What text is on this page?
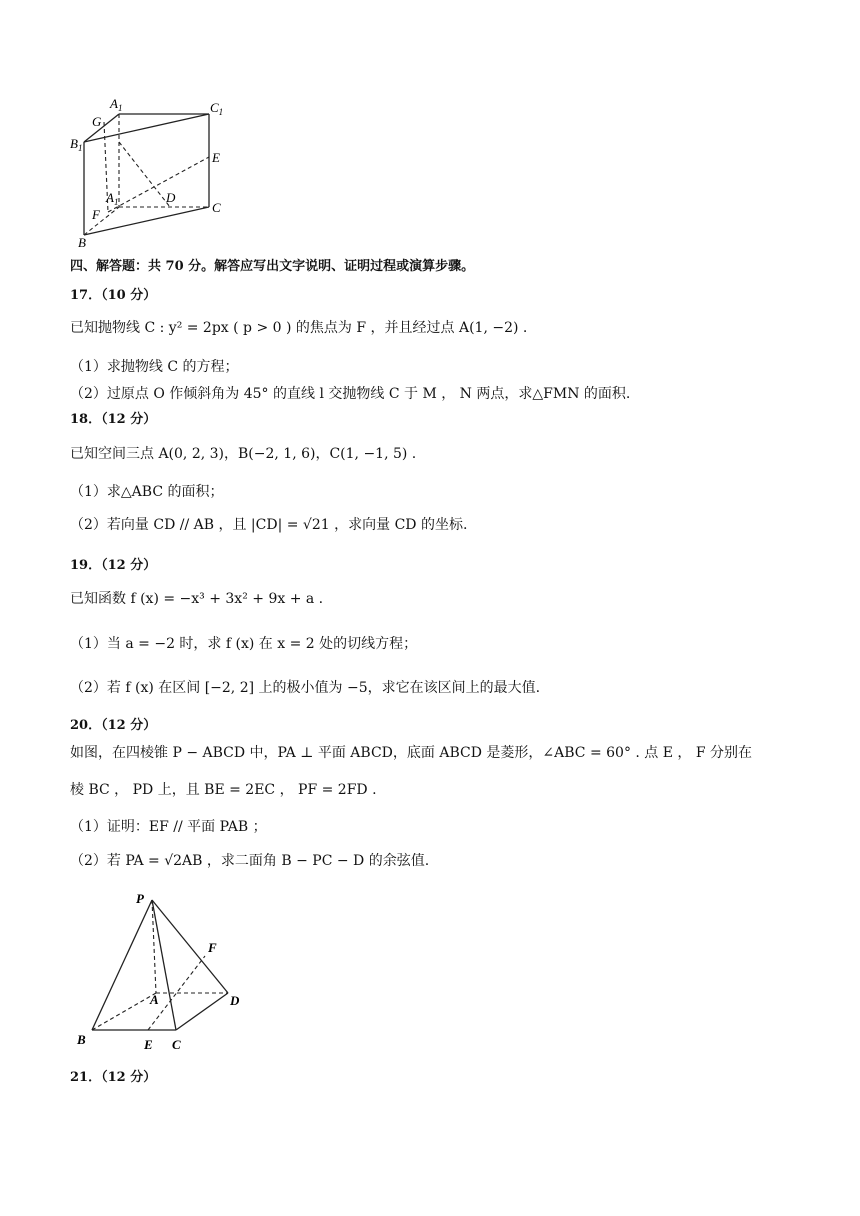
$A_1$	$C_1$
G
$B_1$
E
$A_1$	D
C
F
B
四、解答题：共 70 分。解答应写出文字说明、证明过程或演算步骤。
17．（10 分）
已知抛物线 C : y² = 2px ( p > 0 ) 的焦点为 F ，并且经过点 A(1, −2) .
（1）求抛物线 C 的方程；
（2）过原点 O 作倾斜角为 45° 的直线 l 交抛物线 C 于 M ， N 两点，求△FMN 的面积.
18．（12 分）
已知空间三点 A(0, 2, 3)，B(−2, 1, 6)，C(1, −1, 5) .
（1）求△ABC 的面积；
（2）若向量 CD // AB ，且 |CD| = √21 ，求向量 CD 的坐标.
19．（12 分）
已知函数 f (x) = −x³ + 3x² + 9x + a .
（1）当 a = −2 时，求 f (x) 在 x = 2 处的切线方程；
（2）若 f (x) 在区间 [−2, 2] 上的极小值为 −5，求它在该区间上的最大值.
20．（12 分）
如图，在四棱锥 P − ABCD 中，PA ⊥ 平面 ABCD，底面 ABCD 是菱形，∠ABC = 60° . 点 E ， F 分别在
棱 BC ， PD 上，且 BE = 2EC ， PF = 2FD .
（1）证明：EF // 平面 PAB ；
（2）若 PA = √2AB ，求二面角 B − PC − D 的余弦值.
P
F
A	D
B	E C
21．（12 分）
